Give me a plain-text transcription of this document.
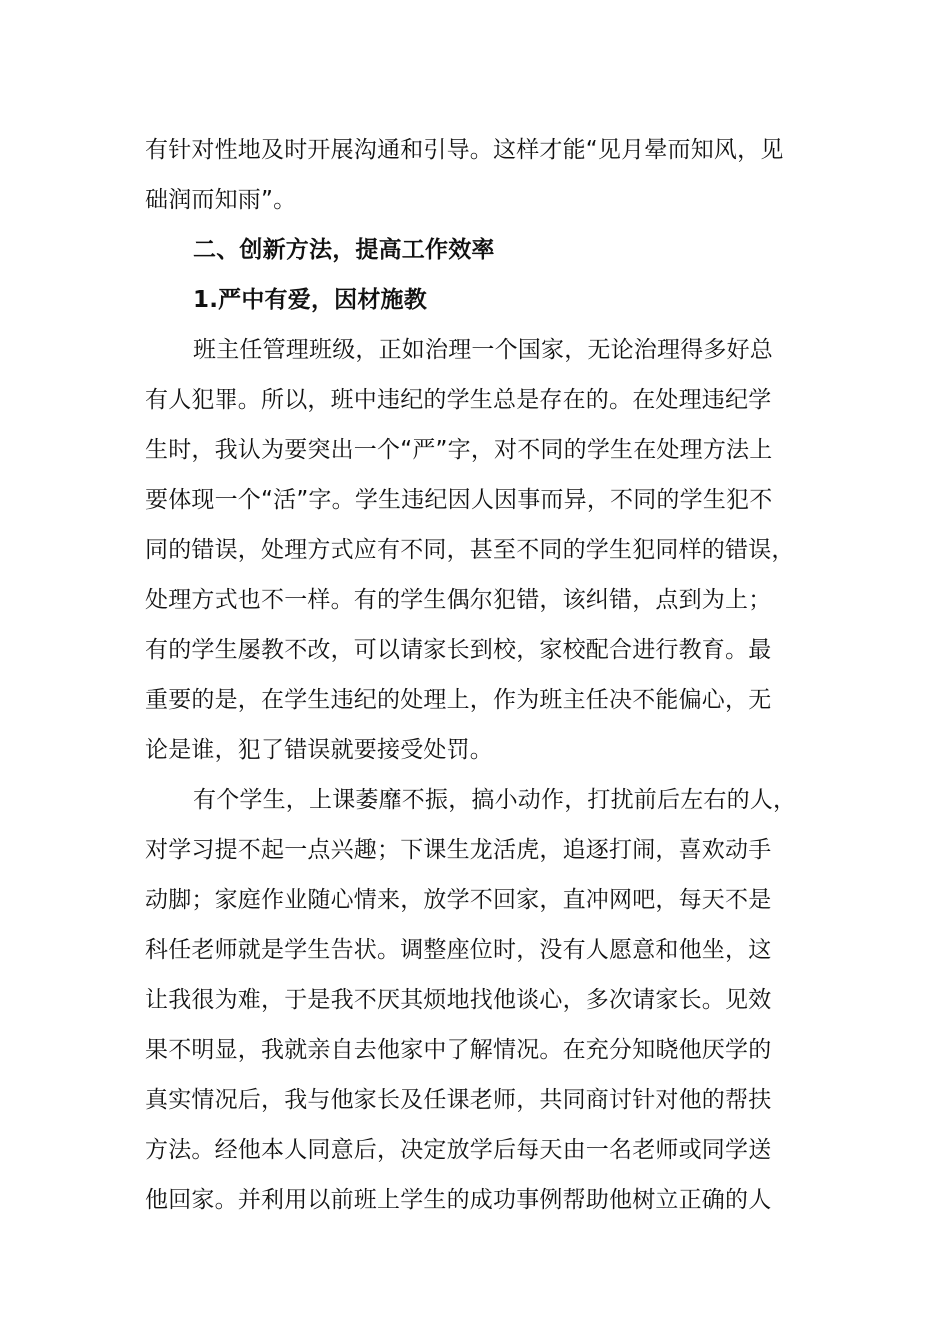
有针对性地及时开展沟通和引导。这样才能“见月晕而知风，见
础润而知雨”。
二、创新方法，提高工作效率
1.严中有爱，因材施教
班主任管理班级，正如治理一个国家，无论治理得多好总
有人犯罪。所以，班中违纪的学生总是存在的。在处理违纪学
生时，我认为要突出一个“严”字，对不同的学生在处理方法上
要体现一个“活”字。学生违纪因人因事而异，不同的学生犯不
同的错误，处理方式应有不同，甚至不同的学生犯同样的错误，
处理方式也不一样。有的学生偶尔犯错，该纠错，点到为上；
有的学生屡教不改，可以请家长到校，家校配合进行教育。最
重要的是，在学生违纪的处理上，作为班主任决不能偏心，无
论是谁，犯了错误就要接受处罚。
有个学生，上课萎靡不振，搞小动作，打扰前后左右的人，
对学习提不起一点兴趣；下课生龙活虎，追逐打闹，喜欢动手
动脚；家庭作业随心情来，放学不回家，直冲网吧，每天不是
科任老师就是学生告状。调整座位时，没有人愿意和他坐，这
让我很为难，于是我不厌其烦地找他谈心，多次请家长。见效
果不明显，我就亲自去他家中了解情况。在充分知晓他厌学的
真实情况后，我与他家长及任课老师，共同商讨针对他的帮扶
方法。经他本人同意后，决定放学后每天由一名老师或同学送
他回家。并利用以前班上学生的成功事例帮助他树立正确的人
